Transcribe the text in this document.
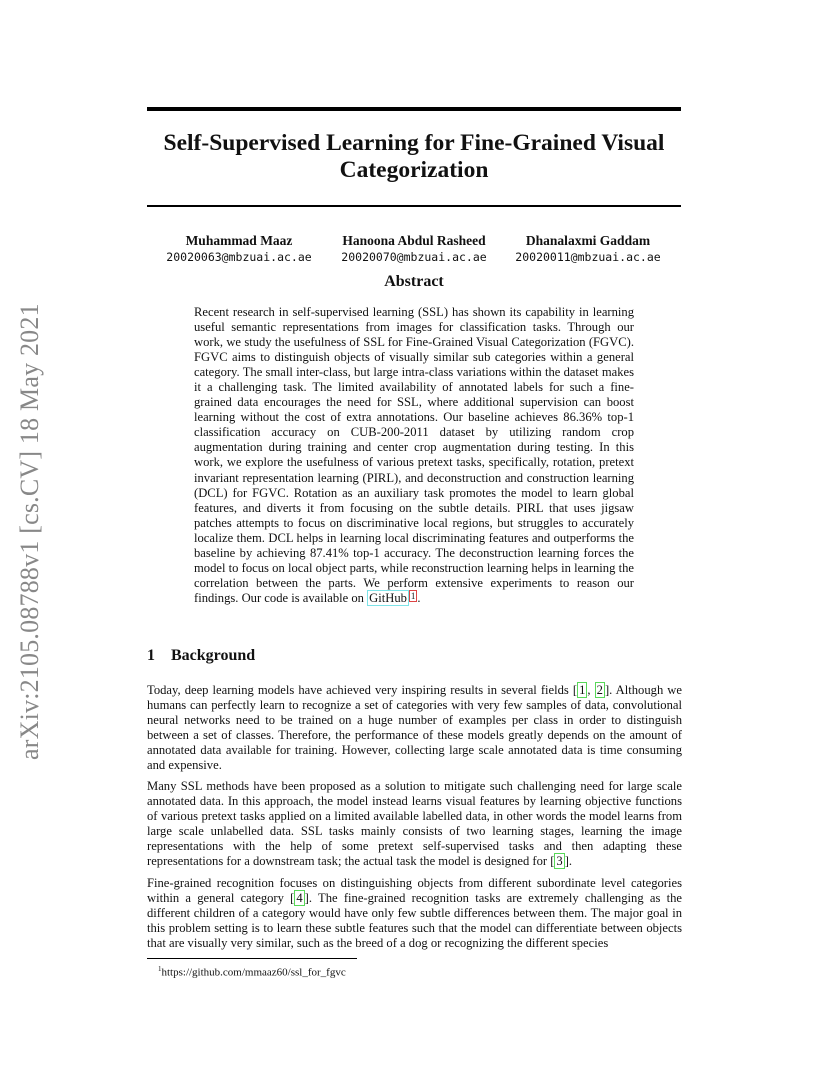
arXiv:2105.08788v1 [cs.CV] 18 May 2021
Self-Supervised Learning for Fine-Grained Visual
Categorization
Muhammad Maaz
20020063@mbzuai.ac.ae
Hanoona Abdul Rasheed
20020070@mbzuai.ac.ae
Dhanalaxmi Gaddam
20020011@mbzuai.ac.ae
Abstract
Recent research in self-supervised learning (SSL) has shown its capability in learning useful semantic representations from images for classification tasks. Through our work, we study the usefulness of SSL for Fine-Grained Visual Categorization (FGVC). FGVC aims to distinguish objects of visually similar sub categories within a general category. The small inter-class, but large intra-class variations within the dataset makes it a challenging task. The limited availability of annotated labels for such a fine-grained data encourages the need for SSL, where additional supervision can boost learning without the cost of extra annotations. Our baseline achieves 86.36% top-1 classification accuracy on CUB-200-2011 dataset by utilizing random crop augmentation during training and center crop augmentation during testing. In this work, we explore the usefulness of various pretext tasks, specifically, rotation, pretext invariant representation learning (PIRL), and deconstruction and construction learning (DCL) for FGVC. Rotation as an auxiliary task promotes the model to learn global features, and diverts it from focusing on the subtle details. PIRL that uses jigsaw patches attempts to focus on discriminative local regions, but struggles to accurately localize them. DCL helps in learning local discriminating features and outperforms the baseline by achieving 87.41% top-1 accuracy. The deconstruction learning forces the model to focus on local object parts, while reconstruction learning helps in learning the correlation between the parts. We perform extensive experiments to reason our findings. Our code is available on GitHub $^1$ .
1 Background

Today, deep learning models have achieved very inspiring results in several fields [ 1 , 2 ]. Although we humans can perfectly learn to recognize a set of categories with very few samples of data, convolutional neural networks need to be trained on a huge number of examples per class in order to distinguish between a set of classes. Therefore, the performance of these models greatly depends on the amount of annotated data available for training. However, collecting large scale annotated data is time consuming and expensive.

Many SSL methods have been proposed as a solution to mitigate such challenging need for large scale annotated data. In this approach, the model instead learns visual features by learning objective functions of various pretext tasks applied on a limited available labelled data, in other words the model learns from large scale unlabelled data. SSL tasks mainly consists of two learning stages, learning the image representations with the help of some pretext self-supervised tasks and then adapting these representations for a downstream task; the actual task the model is designed for [ 3 ].

Fine-grained recognition focuses on distinguishing objects from different subordinate level categories within a general category [ 4 ]. The fine-grained recognition tasks are extremely challenging as the different children of a category would have only few subtle differences between them. The major goal in this problem setting is to learn these subtle features such that the model can differentiate between objects that are visually very similar, such as the breed of a dog or recognizing the different species

$^1$https://github.com/mmaaz60/ssl_for_fgvc
